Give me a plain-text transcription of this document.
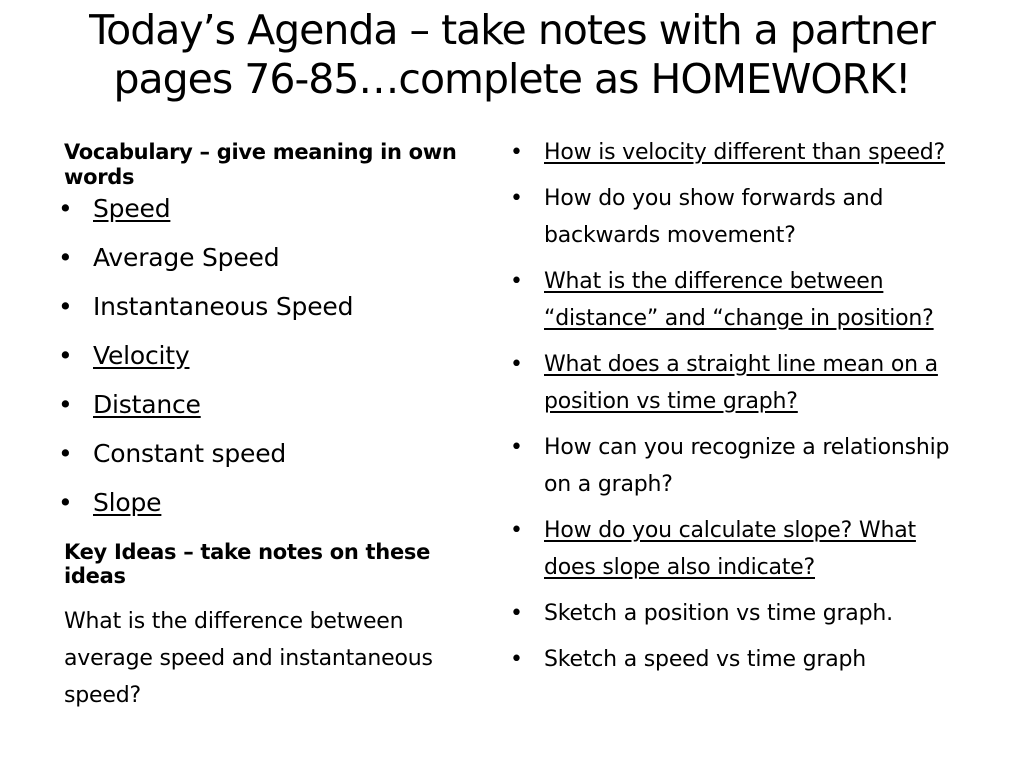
Today’s Agenda – take notes with a partner
pages 76-85…complete as HOMEWORK!
Vocabulary – give meaning in own words
• Speed
• Average Speed
• Instantaneous Speed
• Velocity
• Distance
• Constant speed
• Slope
Key Ideas – take notes on these ideas
What is the difference between average speed and instantaneous speed?
• How is velocity different than speed?
• How do you show forwards and backwards movement?
• What is the difference between “distance” and “change in position?
• What does a straight line mean on a position vs time graph?
• How can you recognize a relationship on a graph?
• How do you calculate slope? What does slope also indicate?
• Sketch a position vs time graph.
• Sketch a speed vs time graph
